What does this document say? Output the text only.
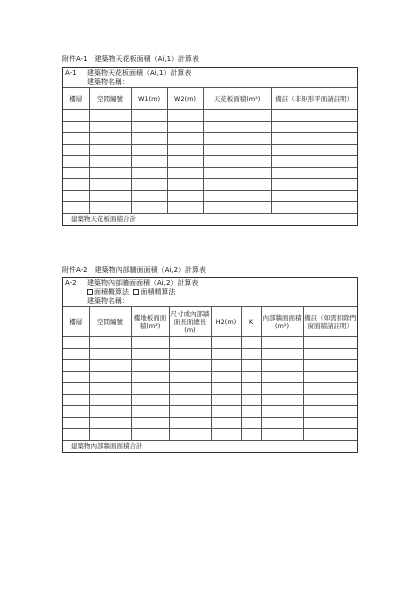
附件A-1　建築物天花板面積（Ai,1）計算表
A-1 建築物天花板面積（Ai,1）計算表
建築物名稱：
樓層	空間編號	W1(m)	W2(m)	天花板面積(m²)	備註（非矩形平面請註明）

建築物天花板面積合計					
附件A-2　建築物內部牆面面積（Ai,2）計算表
A-2 建築物內部牆面面積（Ai,2）計算表
面積概算法 面積精算法
建築物名稱：
樓層	空間編號	樓地板面面積(m²)	尺寸或內部牆面長面總長(m)	H2(m)	K	內部牆面面積(m²)	備註（如需扣除門窗面積請註明）

建築物內部牆面面積合計							
